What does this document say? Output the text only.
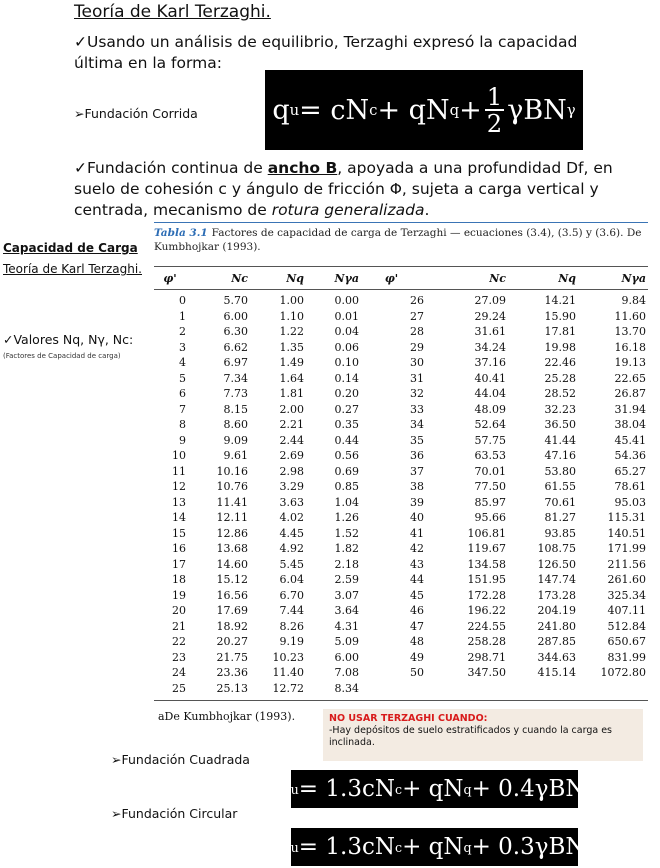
Teoría de Karl Terzaghi.
✓Usando un análisis de equilibrio, Terzaghi expresó la capacidad última en la forma:
➢Fundación Corrida	q u = cN c + qN $q + \frac{1}{2}$ γBN γ
✓Fundación continua de ancho B, apoyada a una profundidad Df, en suelo de cohesión c y ángulo de fricción Φ, sujeta a carga vertical y centrada, mecanismo de rotura generalizada.
Capacidad de Carga
Teoría de Karl Terzaghi.
✓Valores Nq, Nγ, Nc:
(Factores de Capacidad de carga)
Tabla 3.1 Factores de capacidad de carga de Terzaghi — ecuaciones (3.4), (3.5) y (3.6). De Kumbhojkar (1993).
φ'	Nc	Nq	Nγa	φ'	Nc	Nq	Nγa
0	5.70	1.00	0.00	26	27.09	14.21	9.84
1	6.00	1.10	0.01	27	29.24	15.90	11.60
2	6.30	1.22	0.04	28	31.61	17.81	13.70
3	6.62	1.35	0.06	29	34.24	19.98	16.18
4	6.97	1.49	0.10	30	37.16	22.46	19.13
5	7.34	1.64	0.14	31	40.41	25.28	22.65
6	7.73	1.81	0.20	32	44.04	28.52	26.87
7	8.15	2.00	0.27	33	48.09	32.23	31.94
8	8.60	2.21	0.35	34	52.64	36.50	38.04
9	9.09	2.44	0.44	35	57.75	41.44	45.41
10	9.61	2.69	0.56	36	63.53	47.16	54.36
11	10.16	2.98	0.69	37	70.01	53.80	65.27
12	10.76	3.29	0.85	38	77.50	61.55	78.61
13	11.41	3.63	1.04	39	85.97	70.61	95.03
14	12.11	4.02	1.26	40	95.66	81.27	115.31
15	12.86	4.45	1.52	41	106.81	93.85	140.51
16	13.68	4.92	1.82	42	119.67	108.75	171.99
17	14.60	5.45	2.18	43	134.58	126.50	211.56
18	15.12	6.04	2.59	44	151.95	147.74	261.60
19	16.56	6.70	3.07	45	172.28	173.28	325.34
20	17.69	7.44	3.64	46	196.22	204.19	407.11
21	18.92	8.26	4.31	47	224.55	241.80	512.84
22	20.27	9.19	5.09	48	258.28	287.85	650.67
23	21.75	10.23	6.00	49	298.71	344.63	831.99
24	23.36	11.40	7.08	50	347.50	415.14	1072.80
25	25.13	12.72	8.34
aDe Kumbhojkar (1993).	NO USAR TERZAGHI CUANDO:
-Hay depósitos de suelo estratificados y cuando la carga es inclinada.
➢Fundación Cuadrada
q u = 1.3cN c + qN q + 0.4γBN γ
➢Fundación Circular
q u = 1.3cN c + qN q + 0.3γBN γ
